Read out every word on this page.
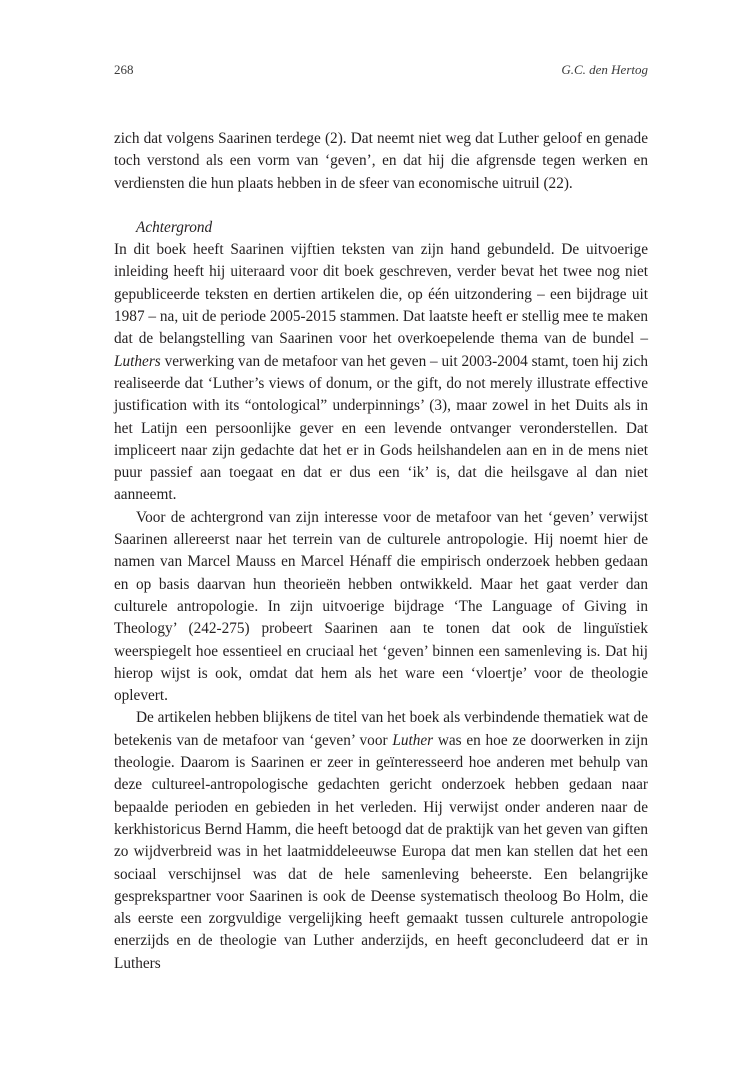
268	G.C. den Hertog

zich dat volgens Saarinen terdege (2). Dat neemt niet weg dat Luther geloof en genade toch verstond als een vorm van ‘geven’, en dat hij die afgrensde tegen werken en verdiensten die hun plaats hebben in de sfeer van economische uitruil (22).

Achtergrond

In dit boek heeft Saarinen vijftien teksten van zijn hand gebundeld. De uitvoerige inleiding heeft hij uiteraard voor dit boek geschreven, verder bevat het twee nog niet gepubliceerde teksten en dertien artikelen die, op één uitzondering – een bijdrage uit 1987 – na, uit de periode 2005-2015 stammen. Dat laatste heeft er stellig mee te maken dat de belangstelling van Saarinen voor het overkoepelende thema van de bundel – Luthers verwerking van de metafoor van het geven – uit 2003-2004 stamt, toen hij zich realiseerde dat ‘Luther’s views of donum, or the gift, do not merely illustrate effective justification with its “ontological” underpinnings’ (3), maar zowel in het Duits als in het Latijn een persoonlijke gever en een levende ontvanger veronderstellen. Dat impliceert naar zijn gedachte dat het er in Gods heilshandelen aan en in de mens niet puur passief aan toegaat en dat er dus een ‘ik’ is, dat die heilsgave al dan niet aanneemt.

Voor de achtergrond van zijn interesse voor de metafoor van het ‘geven’ verwijst Saarinen allereerst naar het terrein van de culturele antropologie. Hij noemt hier de namen van Marcel Mauss en Marcel Hénaff die empirisch onderzoek hebben gedaan en op basis daarvan hun theorieën hebben ontwikkeld. Maar het gaat verder dan culturele antropologie. In zijn uitvoerige bijdrage ‘The Language of Giving in Theology’ (242-275) probeert Saarinen aan te tonen dat ook de linguïstiek weerspiegelt hoe essentieel en cruciaal het ‘geven’ binnen een samenleving is. Dat hij hierop wijst is ook, omdat dat hem als het ware een ‘vloertje’ voor de theologie oplevert.

De artikelen hebben blijkens de titel van het boek als verbindende thematiek wat de betekenis van de metafoor van ‘geven’ voor Luther was en hoe ze doorwerken in zijn theologie. Daarom is Saarinen er zeer in geïnteresseerd hoe anderen met behulp van deze cultureel-antropologische gedachten gericht onderzoek hebben gedaan naar bepaalde perioden en gebieden in het verleden. Hij verwijst onder anderen naar de kerkhistoricus Bernd Hamm, die heeft betoogd dat de praktijk van het geven van giften zo wijdverbreid was in het laatmiddeleeuwse Europa dat men kan stellen dat het een sociaal verschijnsel was dat de hele samenleving beheerste. Een belangrijke gesprekspartner voor Saarinen is ook de Deense systematisch theoloog Bo Holm, die als eerste een zorgvuldige vergelijking heeft gemaakt tussen culturele antropologie enerzijds en de theologie van Luther anderzijds, en heeft geconcludeerd dat er in Luthers
